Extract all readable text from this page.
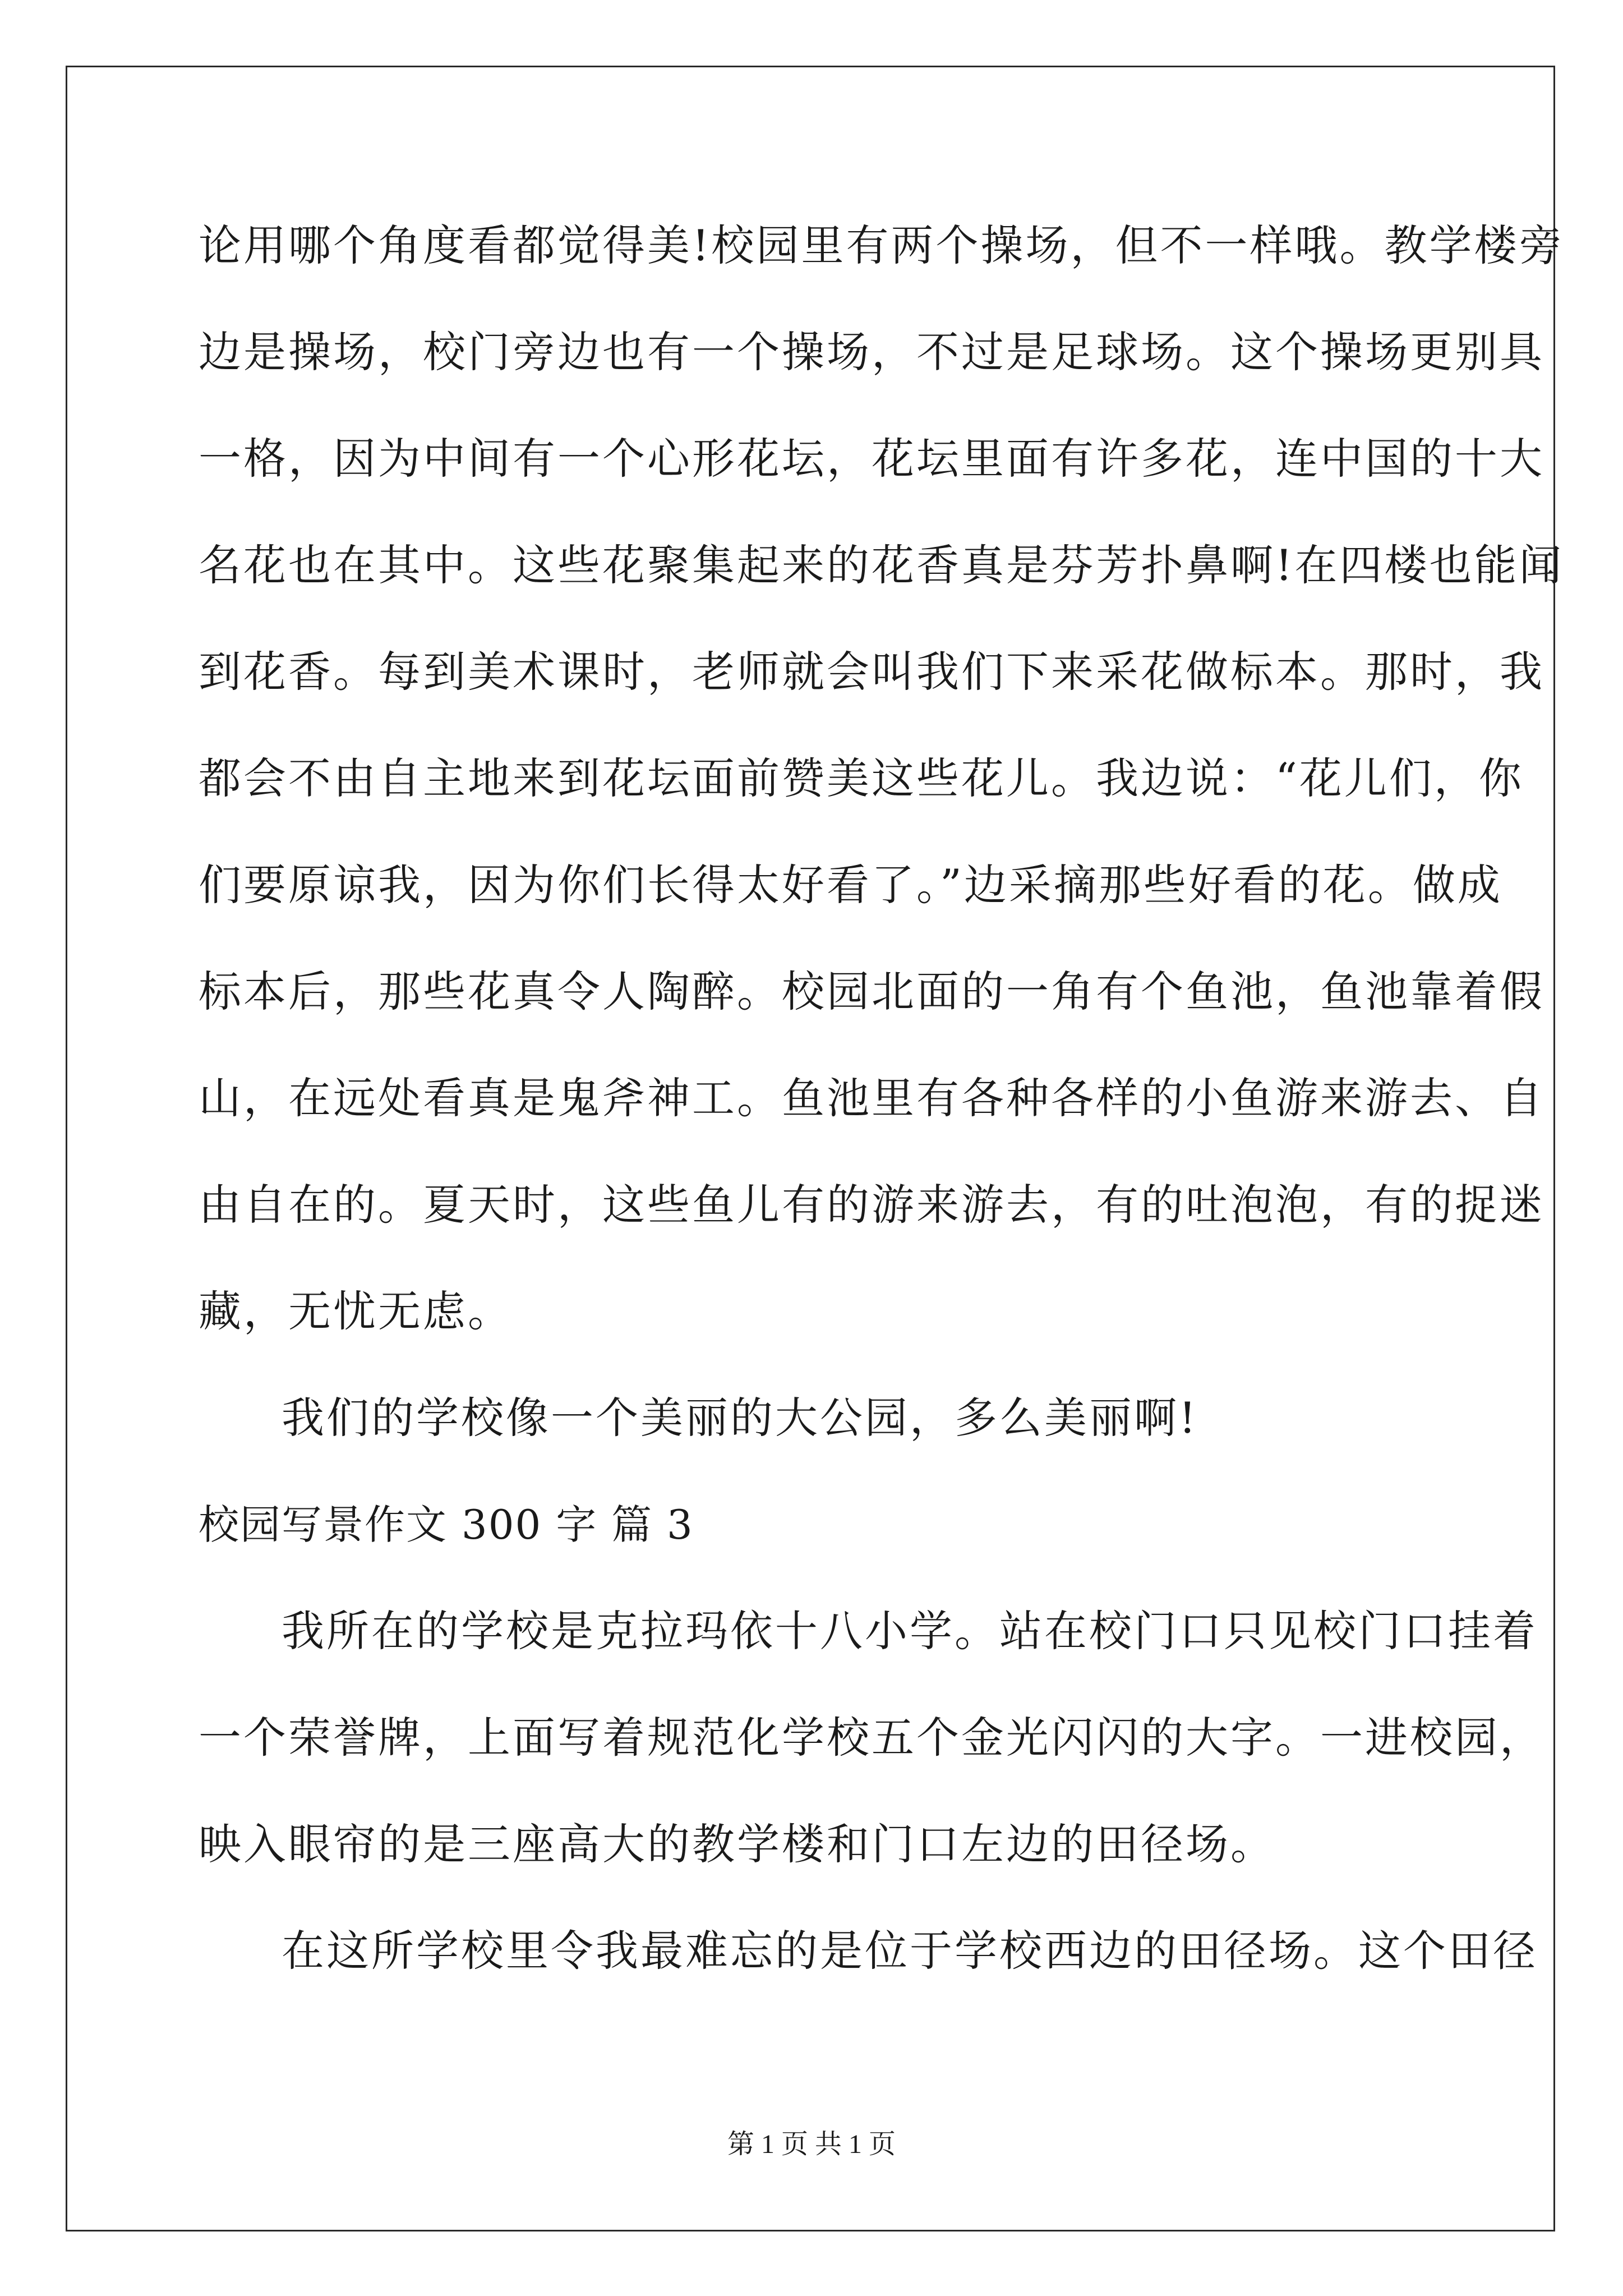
论用哪个角度看都觉得美!校园里有两个操场，但不一样哦。教学楼旁
边是操场，校门旁边也有一个操场，不过是足球场。这个操场更别具
一格，因为中间有一个心形花坛，花坛里面有许多花，连中国的十大
名花也在其中。这些花聚集起来的花香真是芬芳扑鼻啊!在四楼也能闻
到花香。每到美术课时，老师就会叫我们下来采花做标本。那时，我
都会不由自主地来到花坛面前赞美这些花儿。我边说：“花儿们，你
们要原谅我，因为你们长得太好看了。”边采摘那些好看的花。做成
标本后，那些花真令人陶醉。校园北面的一角有个鱼池，鱼池靠着假
山，在远处看真是鬼斧神工。鱼池里有各种各样的小鱼游来游去、自
由自在的。夏天时，这些鱼儿有的游来游去，有的吐泡泡，有的捉迷
藏，无忧无虑。
我们的学校像一个美丽的大公园，多么美丽啊!
校园写景作文 300 字 篇 3
我所在的学校是克拉玛依十八小学。站在校门口只见校门口挂着
一个荣誉牌，上面写着规范化学校五个金光闪闪的大字。一进校园，
映入眼帘的是三座高大的教学楼和门口左边的田径场。
在这所学校里令我最难忘的是位于学校西边的田径场。这个田径
第 1 页 共 1 页
